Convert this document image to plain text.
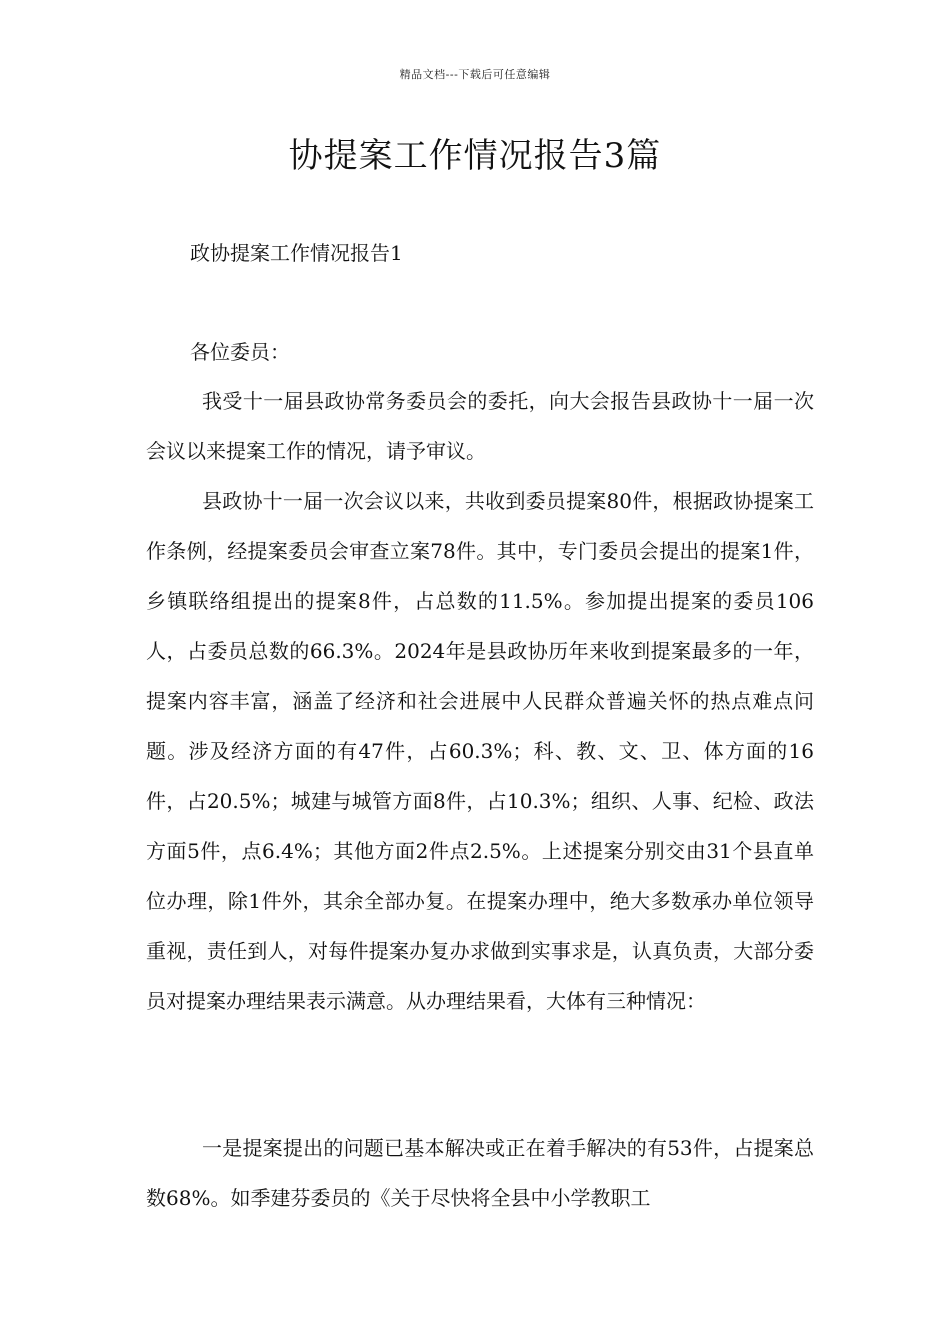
精品文档---下载后可任意编辑
协提案工作情况报告3篇

政协提案工作情况报告1

各位委员：

我受十一届县政协常务委员会的委托，向大会报告县政协十一届一次会议以来提案工作的情况，请予审议。

县政协十一届一次会议以来，共收到委员提案80件，根据政协提案工作条例，经提案委员会审查立案78件。其中，专门委员会提出的提案1件，乡镇联络组提出的提案8件，占总数的11.5%。参加提出提案的委员106人，占委员总数的66.3%。2024年是县政协历年来收到提案最多的一年，提案内容丰富，涵盖了经济和社会进展中人民群众普遍关怀的热点难点问题。涉及经济方面的有47件，占60.3%；科、教、文、卫、体方面的16件，占20.5%；城建与城管方面8件，占10.3%；组织、人事、纪检、政法方面5件，点6.4%；其他方面2件点2.5%。上述提案分别交由31个县直单位办理，除1件外，其余全部办复。在提案办理中，绝大多数承办单位领导重视，责任到人，对每件提案办复办求做到实事求是，认真负责，大部分委员对提案办理结果表示满意。从办理结果看，大体有三种情况：

一是提案提出的问题已基本解决或正在着手解决的有53件，占提案总数68%。如季建芬委员的《关于尽快将全县中小学教职工
